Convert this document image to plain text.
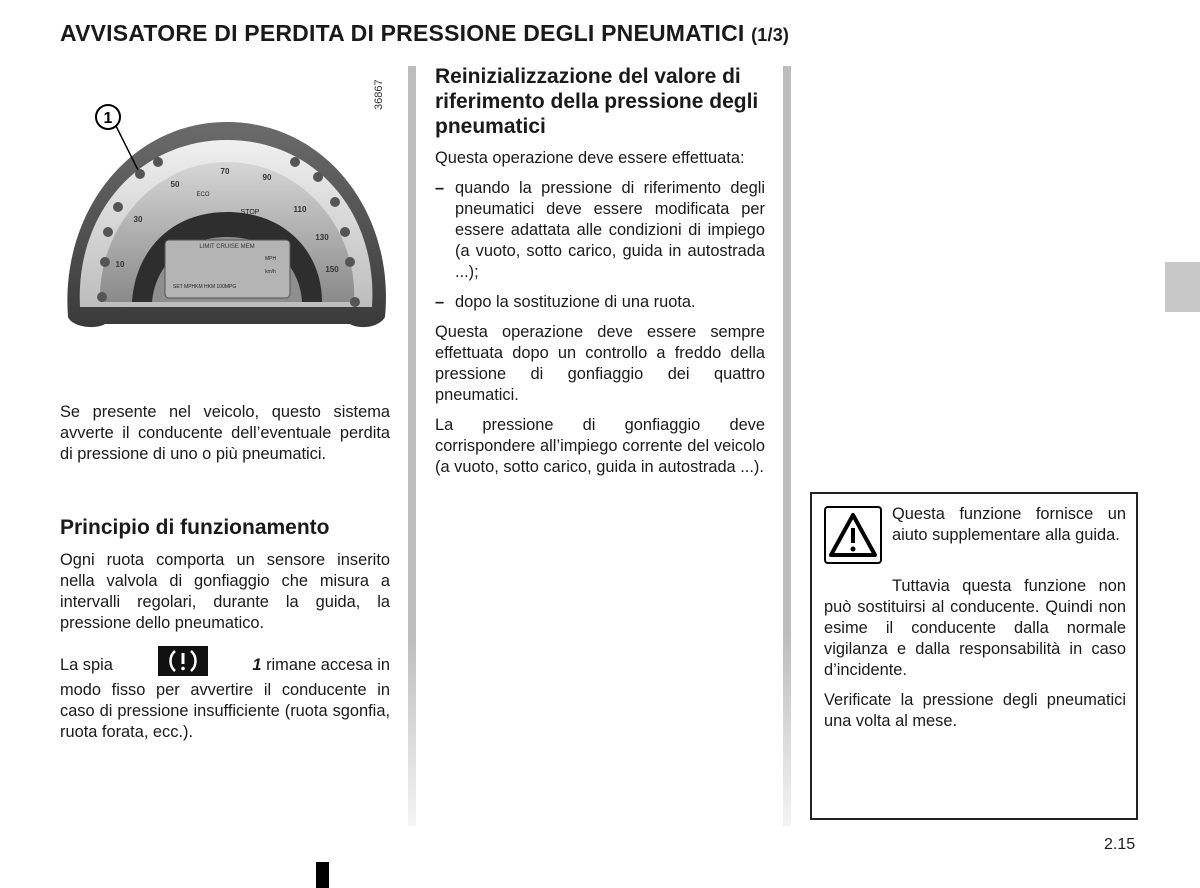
AVVISATORE DI PERDITA DI PRESSIONE DEGLI PNEUMATICI (1/3)
LIMIT CRUISE MEM
STOP
ECO
MPH
km/h
SET MPHKM HKM 100MPG
10
30
50
70
90
110
130
150
1
36867

Se presente nel veicolo, questo sistema avverte il conducente dell’eventuale perdita di pressione di uno o più pneumatici.

Principio di funzionamento

Ogni ruota comporta un sensore inserito nella valvola di gonfiaggio che misura a intervalli regolari, durante la guida, la pressione dello pneumatico.

La spia	1 rimane accesa in

modo fisso per avvertire il conducente in caso di pressione insufficiente (ruota sgonfia, ruota forata, ecc.).

Reinizializzazione del valore di riferimento della pressione degli pneumatici

Questa operazione deve essere effettuata:

– quando la pressione di riferimento degli pneumatici deve essere modificata per essere adattata alle condizioni di impiego (a vuoto, sotto carico, guida in autostrada ...);
– dopo la sostituzione di una ruota.

Questa operazione deve essere sempre effettuata dopo un controllo a freddo della pressione di gonfiaggio dei quattro pneumatici.

La pressione di gonfiaggio deve corrispondere all’impiego corrente del veicolo (a vuoto, sotto carico, guida in autostrada ...).

Questa funzione fornisce un aiuto supplementare alla guida.

Tuttavia questa funzione non può sostituirsi al conducente. Quindi non esime il conducente dalla normale vigilanza e dalla responsabilità in caso d’incidente.

Verificate la pressione degli pneumatici una volta al mese.

2.15
